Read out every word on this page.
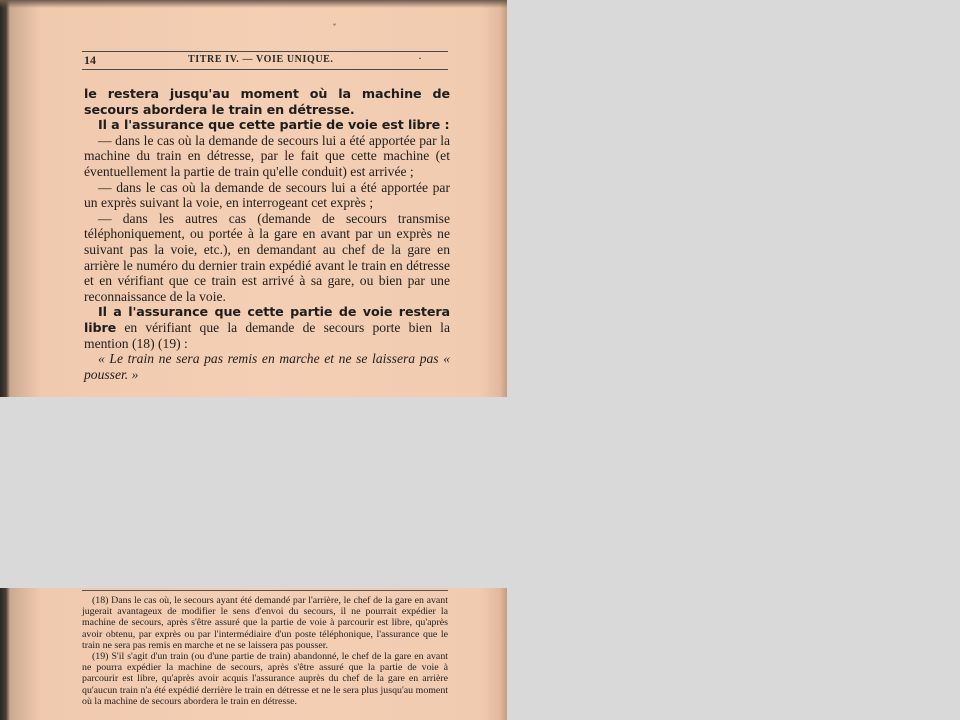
ˇ
14	TITRE IV. — VOIE UNIQUE.	·

le restera jusqu'au moment où la machine de secours abordera le train en détresse.

Il a l'assurance que cette partie de voie est libre :

— dans le cas où la demande de secours lui a été apportée par la machine du train en détresse, par le fait que cette machine (et éventuellement la partie de train qu'elle conduit) est arrivée ;

— dans le cas où la demande de secours lui a été apportée par un exprès suivant la voie, en interrogeant cet exprès ;

— dans les autres cas (demande de secours transmise téléphoniquement, ou portée à la gare en avant par un exprès ne suivant pas la voie, etc.), en demandant au chef de la gare en arrière le numéro du dernier train expédié avant le train en détresse et en vérifiant que ce train est arrivé à sa gare, ou bien par une reconnaissance de la voie.

Il a l'assurance que cette partie de voie restera libre en vérifiant que la demande de secours porte bien la mention (18) (19) :

« Le train ne sera pas remis en marche et ne se laissera pas « pousser. »

(18) Dans le cas où, le secours ayant été demandé par l'arrière, le chef de la gare en avant jugerait avantageux de modifier le sens d'envoi du secours, il ne pourrait expédier la machine de secours, après s'être assuré que la partie de voie à parcourir est libre, qu'après avoir obtenu, par exprès ou par l'intermédiaire d'un poste téléphonique, l'assurance que le train ne sera pas remis en marche et ne se laissera pas pousser.

(19) S'il s'agit d'un train (ou d'une partie de train) abandonné, le chef de la gare en avant ne pourra expédier la machine de secours, après s'être assuré que la partie de voie à parcourir est libre, qu'après avoir acquis l'assurance auprès du chef de la gare en arrière qu'aucun train n'a été expédié derrière le train en détresse et ne le sera plus jusqu'au moment où la machine de secours abordera le train en détresse.
